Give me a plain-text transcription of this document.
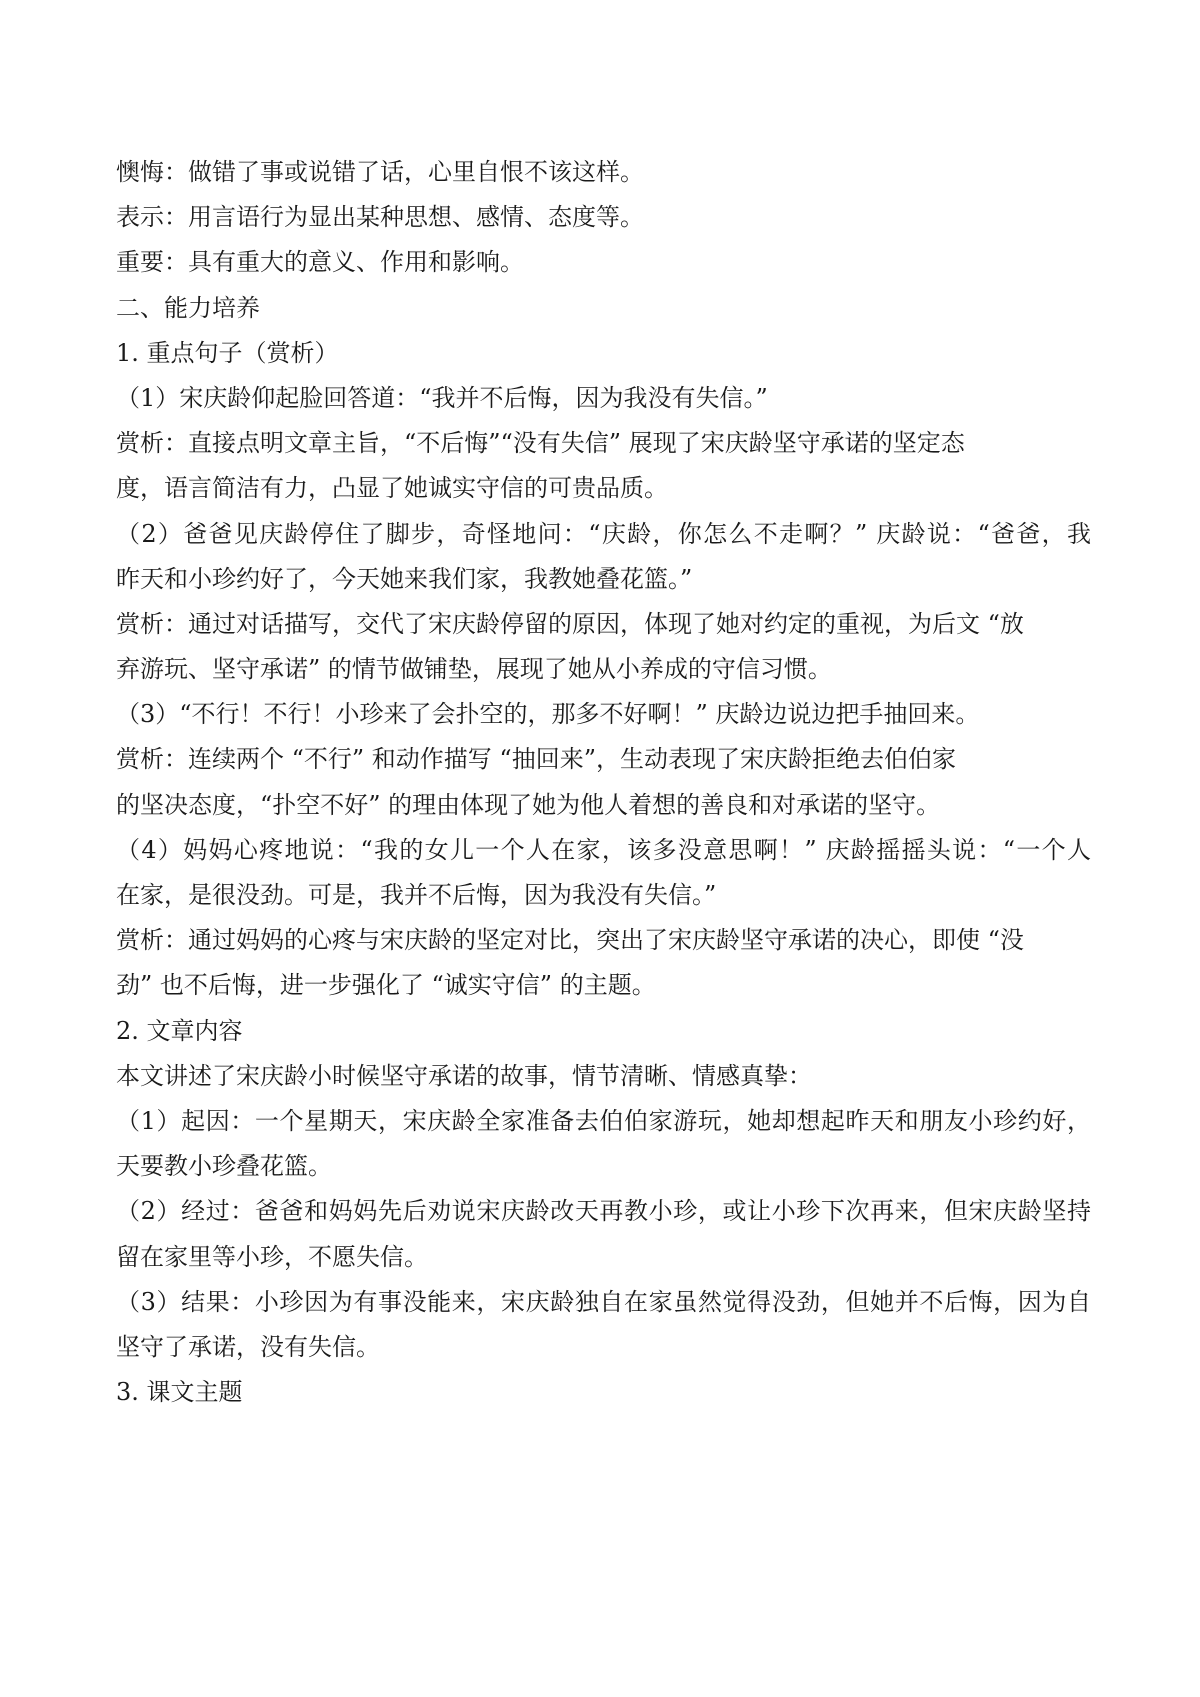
懊悔：做错了事或说错了话，心里自恨不该这样。
表示：用言语行为显出某种思想、感情、态度等。
重要：具有重大的意义、作用和影响。
二、能力培养
1. 重点句子（赏析）
（1）宋庆龄仰起脸回答道：“我并不后悔，因为我没有失信。”
赏析：直接点明文章主旨，“不后悔”“没有失信” 展现了宋庆龄坚守承诺的坚定态
度，语言简洁有力，凸显了她诚实守信的可贵品质。
（2）爸爸见庆龄停住了脚步，奇怪地问：“庆龄，你怎么不走啊？” 庆龄说：“爸爸，我
昨天和小珍约好了，今天她来我们家，我教她叠花篮。”
赏析：通过对话描写，交代了宋庆龄停留的原因，体现了她对约定的重视，为后文 “放
弃游玩、坚守承诺” 的情节做铺垫，展现了她从小养成的守信习惯。
（3）“不行！不行！小珍来了会扑空的，那多不好啊！” 庆龄边说边把手抽回来。
赏析：连续两个 “不行” 和动作描写 “抽回来”，生动表现了宋庆龄拒绝去伯伯家
的坚决态度，“扑空不好” 的理由体现了她为他人着想的善良和对承诺的坚守。
（4）妈妈心疼地说：“我的女儿一个人在家，该多没意思啊！” 庆龄摇摇头说：“一个人
在家，是很没劲。可是，我并不后悔，因为我没有失信。”
赏析：通过妈妈的心疼与宋庆龄的坚定对比，突出了宋庆龄坚守承诺的决心，即使 “没
劲” 也不后悔，进一步强化了 “诚实守信” 的主题。
2. 文章内容
本文讲述了宋庆龄小时候坚守承诺的故事，情节清晰、情感真挚：
（1）起因：一个星期天，宋庆龄全家准备去伯伯家游玩，她却想起昨天和朋友小珍约好，
天要教小珍叠花篮。
（2）经过：爸爸和妈妈先后劝说宋庆龄改天再教小珍，或让小珍下次再来，但宋庆龄坚持
留在家里等小珍，不愿失信。
（3）结果：小珍因为有事没能来，宋庆龄独自在家虽然觉得没劲，但她并不后悔，因为自
坚守了承诺，没有失信。
3. 课文主题
